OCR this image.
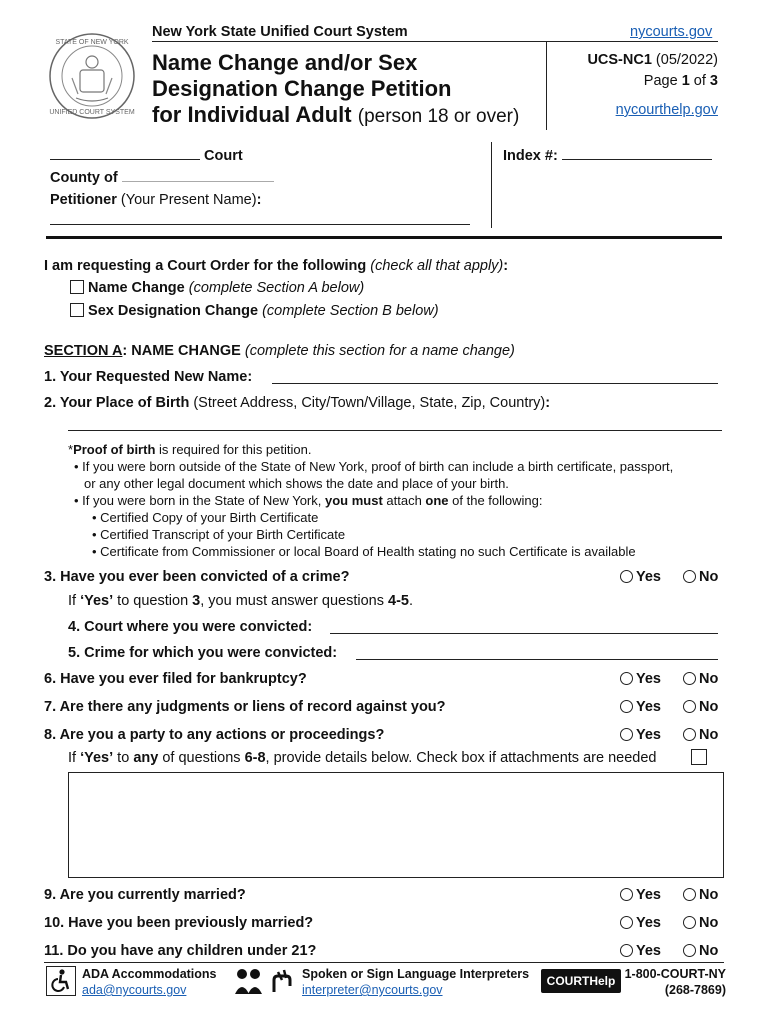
New York State Unified Court System	nycourts.gov
STATE OF NEW YORK
UNIFIED COURT SYSTEM
Name Change and/or Sex
Designation Change Petition
for Individual Adult (person 18 or over)
UCS-NC1 (05/2022)
Page 1 of 3
nycourthelp.gov
Court
County of
Petitioner (Your Present Name):
Index #:
I am requesting a Court Order for the following (check all that apply):
Name Change (complete Section A below)
Sex Designation Change (complete Section B below)
SECTION A: NAME CHANGE (complete this section for a name change)
1. Your Requested New Name:
2. Your Place of Birth (Street Address, City/Town/Village, State, Zip, Country):
*Proof of birth is required for this petition.
• If you were born outside of the State of New York, proof of birth can include a birth certificate, passport,
or any other legal document which shows the date and place of your birth.
• If you were born in the State of New York, you must attach one of the following:
• Certified Copy of your Birth Certificate
• Certified Transcript of your Birth Certificate
• Certificate from Commissioner or local Board of Health stating no such Certificate is available
3. Have you ever been convicted of a crime?	Yes	No
If ‘Yes’ to question 3, you must answer questions 4-5.
4. Court where you were convicted:
5. Crime for which you were convicted:
6. Have you ever filed for bankruptcy?	Yes	No
7. Are there any judgments or liens of record against you?	Yes	No
8. Are you a party to any actions or proceedings?	Yes	No
If ‘Yes’ to any of questions 6-8, provide details below. Check box if attachments are needed
9. Are you currently married?	Yes	No
10. Have you been previously married?	Yes	No
11. Do you have any children under 21?	Yes	No
ADA Accommodations
ada@nycourts.gov
Spoken or Sign Language Interpreters
interpreter@nycourts.gov
COURTHelp 1-800-COURT-NY
(268-7869)
